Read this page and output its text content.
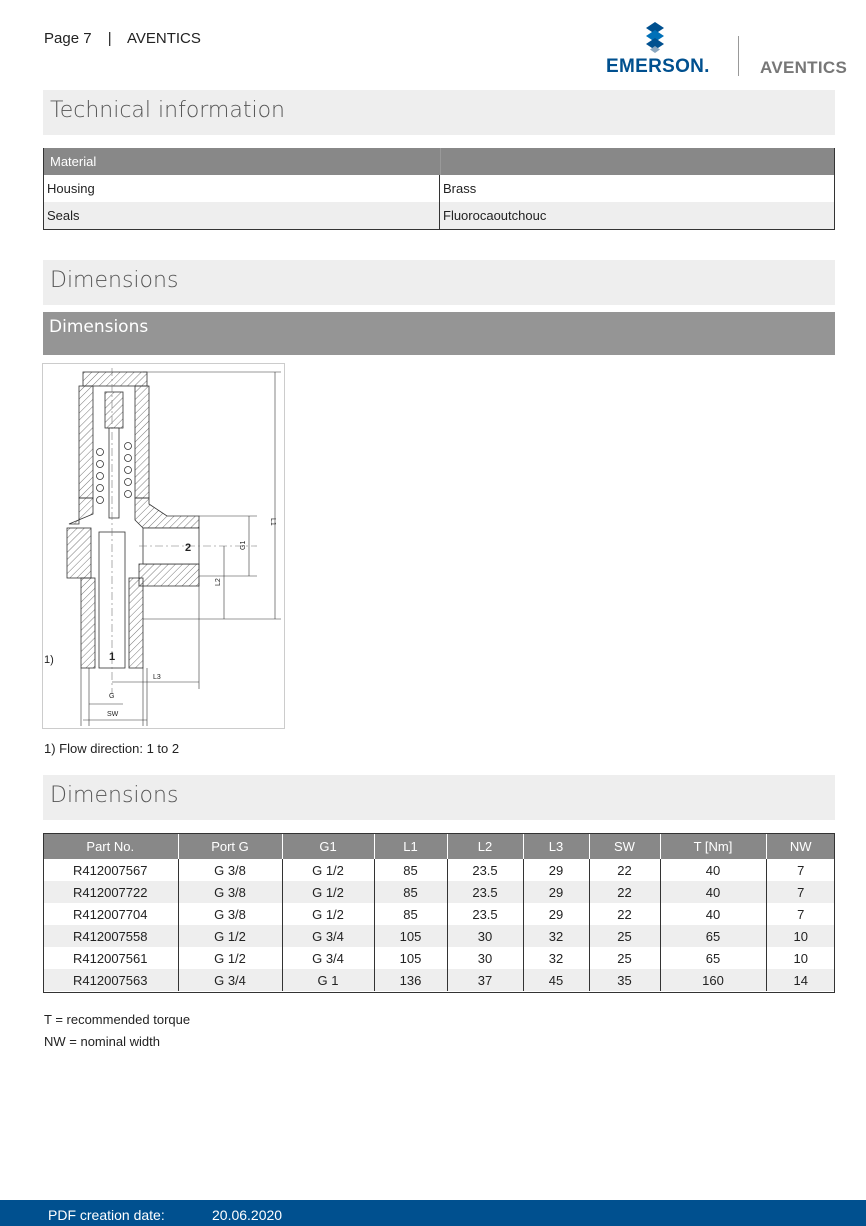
Page 7 | AVENTICS
EMERSON.	AVENTICS
Technical information
Material
Housing	Brass
Seals	Fluorocaoutchouc
Dimensions
Dimensions
2
1
L1
G1
L2
L3
G
SW
1)
1) Flow direction: 1 to 2
Dimensions
Part No.	Port G	G1	L1	L2	L3	SW	T [Nm]	NW
R412007567	G 3/8	G 1/2	85	23.5	29	22	40	7
R412007722	G 3/8	G 1/2	85	23.5	29	22	40	7
R412007704	G 3/8	G 1/2	85	23.5	29	22	40	7
R412007558	G 1/2	G 3/4	105	30	32	25	65	10
R412007561	G 1/2	G 3/4	105	30	32	25	65	10
R412007563	G 3/4	G 1	136	37	45	35	160	14
T = recommended torque
NW = nominal width
PDF creation date:	20.06.2020
